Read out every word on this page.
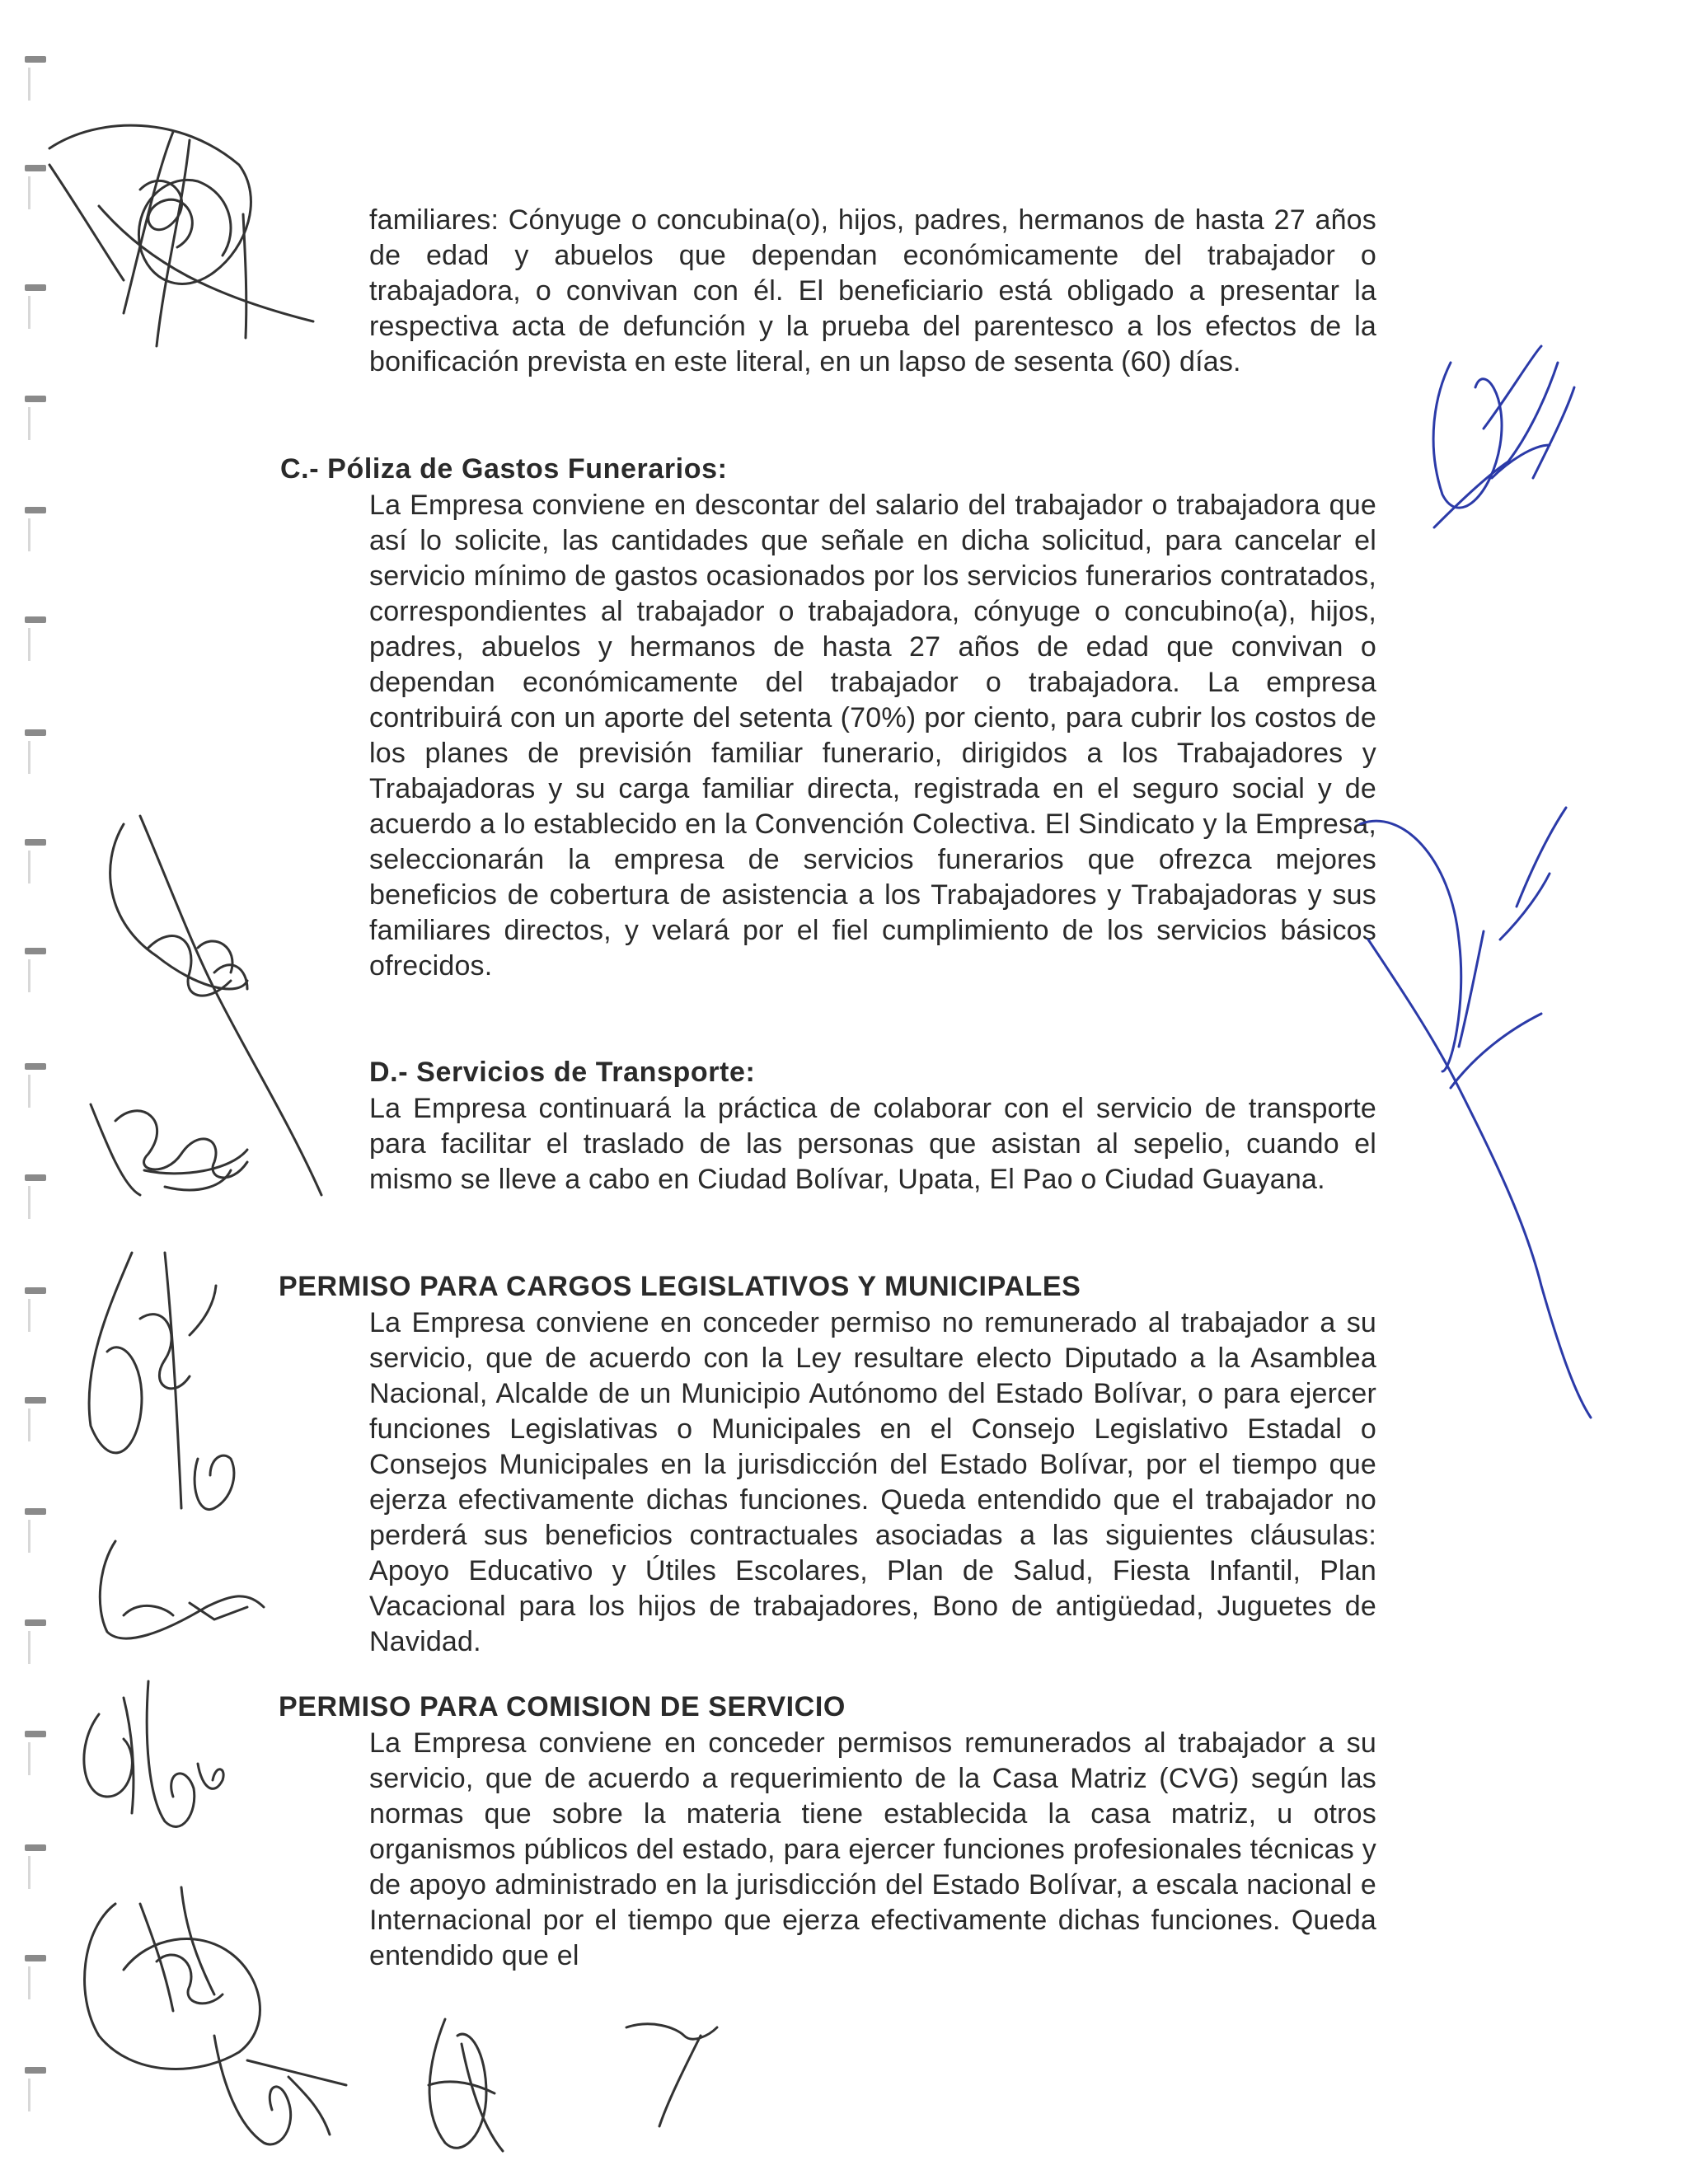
familiares: Cónyuge o concubina(o), hijos, padres, hermanos de hasta 27 años de edad y abuelos que dependan económicamente del trabajador o trabajadora, o convivan con él. El beneficiario está obligado a presentar la respectiva acta de defunción y la prueba del parentesco a los efectos de la bonificación prevista en este literal, en un lapso de sesenta (60) días.

C.- Póliza de Gastos Funerarios:

La Empresa conviene en descontar del salario del trabajador o trabajadora que así lo solicite, las cantidades que señale en dicha solicitud, para cancelar el servicio mínimo de gastos ocasionados por los servicios funerarios contratados, correspondientes al trabajador o trabajadora, cónyuge o concubino(a), hijos, padres, abuelos y hermanos de hasta 27 años de edad que convivan o dependan económicamente del trabajador o trabajadora. La empresa contribuirá con un aporte del setenta (70%) por ciento, para cubrir los costos de los planes de previsión familiar funerario, dirigidos a los Trabajadores y Trabajadoras y su carga familiar directa, registrada en el seguro social y de acuerdo a lo establecido en la Convención Colectiva. El Sindicato y la Empresa, seleccionarán la empresa de servicios funerarios que ofrezca mejores beneficios de cobertura de asistencia a los Trabajadores y Trabajadoras y sus familiares directos, y velará por el fiel cumplimiento de los servicios básicos ofrecidos.

D.- Servicios de Transporte:

La Empresa continuará la práctica de colaborar con el servicio de transporte para facilitar el traslado de las personas que asistan al sepelio, cuando el mismo se lleve a cabo en Ciudad Bolívar, Upata, El Pao o Ciudad Guayana.

PERMISO PARA CARGOS LEGISLATIVOS Y MUNICIPALES

La Empresa conviene en conceder permiso no remunerado al trabajador a su servicio, que de acuerdo con la Ley resultare electo Diputado a la Asamblea Nacional, Alcalde de un Municipio Autónomo del Estado Bolívar, o para ejercer funciones Legislativas o Municipales en el Consejo Legislativo Estadal o Consejos Municipales en la jurisdicción del Estado Bolívar, por el tiempo que ejerza efectivamente dichas funciones. Queda entendido que el trabajador no perderá sus beneficios contractuales asociadas a las siguientes cláusulas: Apoyo Educativo y Útiles Escolares, Plan de Salud, Fiesta Infantil, Plan Vacacional para los hijos de trabajadores, Bono de antigüedad, Juguetes de Navidad.

PERMISO PARA COMISION DE SERVICIO

La Empresa conviene en conceder permisos remunerados al trabajador a su servicio, que de acuerdo a requerimiento de la Casa Matriz (CVG) según las normas que sobre la materia tiene establecida la casa matriz, u otros organismos públicos del estado, para ejercer funciones profesionales técnicas y de apoyo administrado en la jurisdicción del Estado Bolívar, a escala nacional e Internacional por el tiempo que ejerza efectivamente dichas funciones. Queda entendido que el
